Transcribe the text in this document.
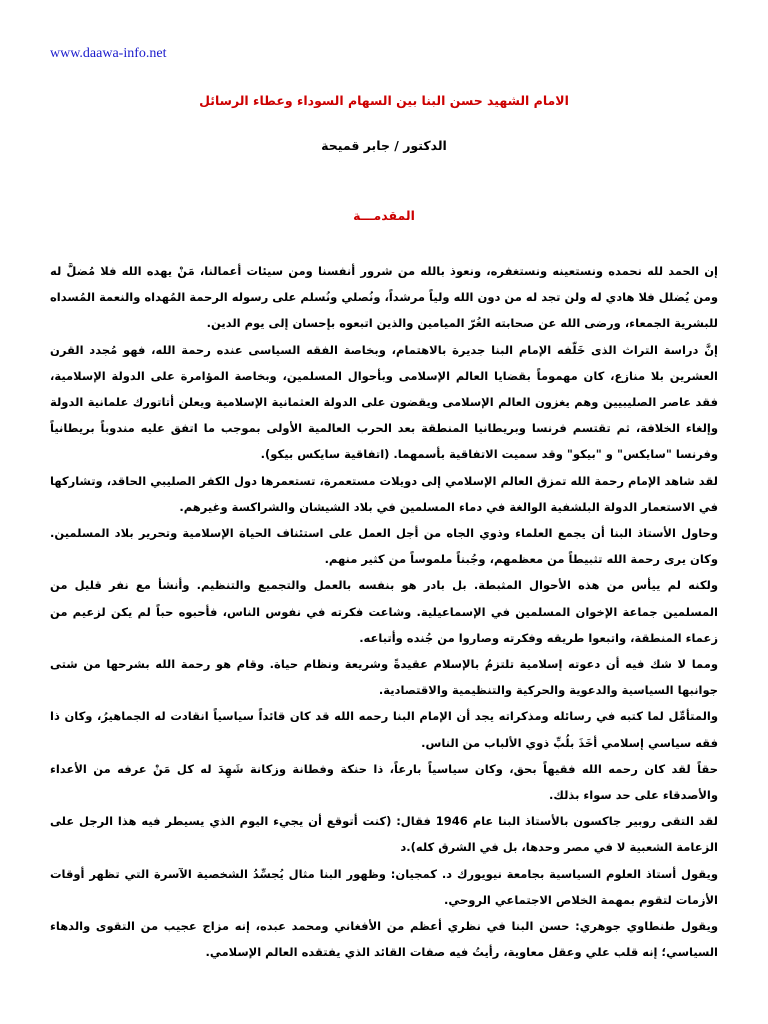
www.daawa-info.net
الامام الشهيد حسن البنا بين السهام السوداء وعطاء الرسائل
الدكتور / جابر قميحة
المقدمـــة

إن الحمد لله نحمده ونستعينه ونستغفره، ونعوذ بالله من شرور أنفسنا ومن سيئات أعمالنا، مَنْ يهده الله فلا مُضلَّ له ومن يُضلل فلا هادي له ولن تجد له من دون الله ولياً مرشداً، ونُصلي ونُسلم على رسوله الرحمة المُهداه والنعمة المُسداه للبشرية الجمعاء، ورضى الله عن صحابته الغُرّ الميامين والذين اتبعوه بإحسان إلى يوم الدين.

إنَّ دراسة التراث الذى خَلّفه الإمام البنا جديرة بالاهتمام، وبخاصة الفقه السياسى عنده رحمة الله، فهو مُجدد القرن العشرين بلا منازع، كان مهموماً بقضايا العالم الإسلامى وبأحوال المسلمين، وبخاصة المؤامرة على الدولة الإسلامية، فقد عاصر الصليبيين وهم يغزون العالم الإسلامى ويقضون على الدولة العثمانية الإسلامية ويعلن أتاتورك علمانية الدولة وإلغاء الخلافة، ثم تقتسم فرنسا وبريطانيا المنطقة بعد الحرب العالمية الأولى بموجب ما اتفق عليه مندوباً بريطانياً وفرنسا "سايكس" و "بيكو" وقد سميت الاتفاقية بأسمهما. (اتفاقية سايكس بيكو).

لقد شاهد الإمام رحمة الله تمزق العالم الإسلامي إلى دويلات مستعمرة، تستعمرها دول الكفر الصليبي الحاقد، وتشاركها في الاستعمار الدولة البلشفية الوالغة في دماء المسلمين في بلاد الشيشان والشراكسة وغيرهم.

وحاول الأستاذ البنا أن يجمع العلماء وذوي الجاه من أجل العمل على استئناف الحياة الإسلامية وتحرير بلاد المسلمين. وكان يرى رحمة الله تثبيطاً من معظمهم، وجُبناً ملموساً من كثير منهم.

ولكنه لم ييأس من هذه الأحوال المثبطة. بل بادر هو بنفسه بالعمل والتجميع والتنظيم. وأنشأ مع نفر قليل من المسلمين جماعة الإخوان المسلمين في الإسماعيلية. وشاعت فكرته في نفوس الناس، فأحبوه حباً لم يكن لزعيم من زعماء المنطقة، واتبعوا طريقه وفكرته وصاروا من جُنده وأتباعه.

ومما لا شك فيه أن دعوته إسلامية تلتزمُ بالإسلام عقيدةً وشريعة ونظام حياة. وقام هو رحمة الله بشرحها من شتى جوانبها السياسية والدعوية والحركية والتنظيمية والاقتصادية.

والمتأمِّل لما كتبه في رسائله ومذكراته يجد أن الإمام البنا رحمه الله قد كان قائداً سياسياً انقادت له الجماهيرُ، وكان ذا فقه سياسي إسلامي أخَذَ بلُبِّ ذوي الألباب من الناس.

حقاً لقد كان رحمه الله فقيهاً بحق، وكان سياسياً بارعاً، ذا حنكة وفطانة وزكانة شَهِدَ له كل مَنْ عرفه من الأعداء والأصدقاء على حد سواء بذلك.

لقد التقى روبير جاكسون بالأستاذ البنا عام 1946 فقال: (كنت أتوقع أن يجيء اليوم الذي يسيطر فيه هذا الرجل على الزعامة الشعبية لا في مصر وحدها، بل في الشرق كله).د

ويقول أستاذ العلوم السياسية بجامعة نيويورك د. كمجيان: وظهور البنا مثال يُجسِّدُ الشخصية الآسرة التي تظهر أوقات الأزمات لتقوم بمهمة الخلاص الاجتماعي الروحي.

ويقول طنطاوي جوهري: حسن البنا في نظري أعظم من الأفغاني ومحمد عبده، إنه مزاج عجيب من التقوى والدهاء السياسي؛ إنه قلب علي وعقل معاوية، رأيتُ فيه صفات القائد الذي يفتقده العالم الإسلامي.
